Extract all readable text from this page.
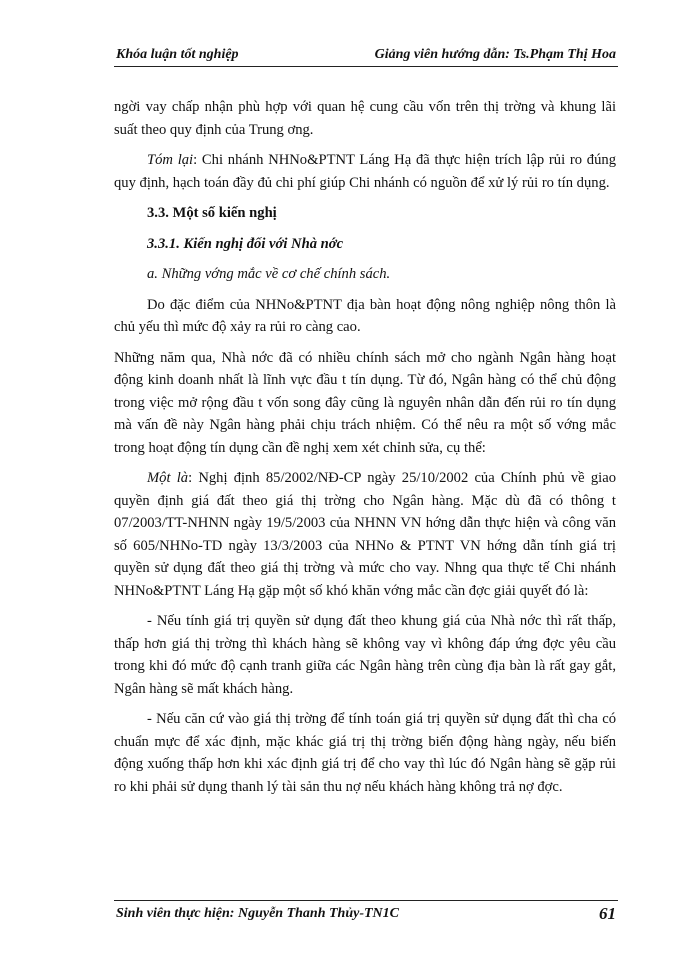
Khóa luận tốt nghiệp	Giảng viên hướng dẫn: Ts.Phạm Thị Hoa

ngời vay chấp nhận phù hợp với quan hệ cung cầu vốn trên thị trờng và khung lãi suất theo quy định của Trung ơng.

Tóm lại: Chi nhánh NHNo&PTNT Láng Hạ đã thực hiện trích lập rủi ro đúng quy định, hạch toán đầy đủ chi phí giúp Chi nhánh có nguồn để xử lý rủi ro tín dụng.

3.3. Một số kiến nghị

3.3.1. Kiến nghị đối với Nhà nớc

a. Những vớng mắc về cơ chế chính sách.

Do đặc điểm của NHNo&PTNT địa bàn hoạt động nông nghiệp nông thôn là chủ yếu thì mức độ xảy ra rủi ro càng cao.

Những năm qua, Nhà nớc đã có nhiều chính sách mở cho ngành Ngân hàng hoạt động kinh doanh nhất là lĩnh vực đầu t tín dụng. Từ đó, Ngân hàng có thể chủ động trong việc mở rộng đầu t vốn song đây cũng là nguyên nhân dẫn đến rủi ro tín dụng mà vấn đề này Ngân hàng phải chịu trách nhiệm. Có thể nêu ra một số vớng mắc trong hoạt động tín dụng cần đề nghị xem xét chỉnh sửa, cụ thể:

Một là: Nghị định 85/2002/NĐ-CP ngày 25/10/2002 của Chính phủ về giao quyền định giá đất theo giá thị trờng cho Ngân hàng. Mặc dù đã có thông t 07/2003/TT-NHNN ngày 19/5/2003 của NHNN VN hớng dẫn thực hiện và công văn số 605/NHNo-TD ngày 13/3/2003 của NHNo & PTNT VN hớng dẫn tính giá trị quyền sử dụng đất theo giá thị trờng và mức cho vay. Nhng qua thực tế Chi nhánh NHNo&PTNT Láng Hạ gặp một số khó khăn vớng mắc cần đợc giải quyết đó là:

- Nếu tính giá trị quyền sử dụng đất theo khung giá của Nhà nớc thì rất thấp, thấp hơn giá thị trờng thì khách hàng sẽ không vay vì không đáp ứng đợc yêu cầu trong khi đó mức độ cạnh tranh giữa các Ngân hàng trên cùng địa bàn là rất gay gắt, Ngân hàng sẽ mất khách hàng.

- Nếu căn cứ vào giá thị trờng để tính toán giá trị quyền sử dụng đất thì cha có chuẩn mực để xác định, mặc khác giá trị thị trờng biến động hàng ngày, nếu biến động xuống thấp hơn khi xác định giá trị để cho vay thì lúc đó Ngân hàng sẽ gặp rủi ro khi phải sử dụng thanh lý tài sản thu nợ nếu khách hàng không trả nợ đợc.

Sinh viên thực hiện: Nguyễn Thanh Thủy-TN1C	61
